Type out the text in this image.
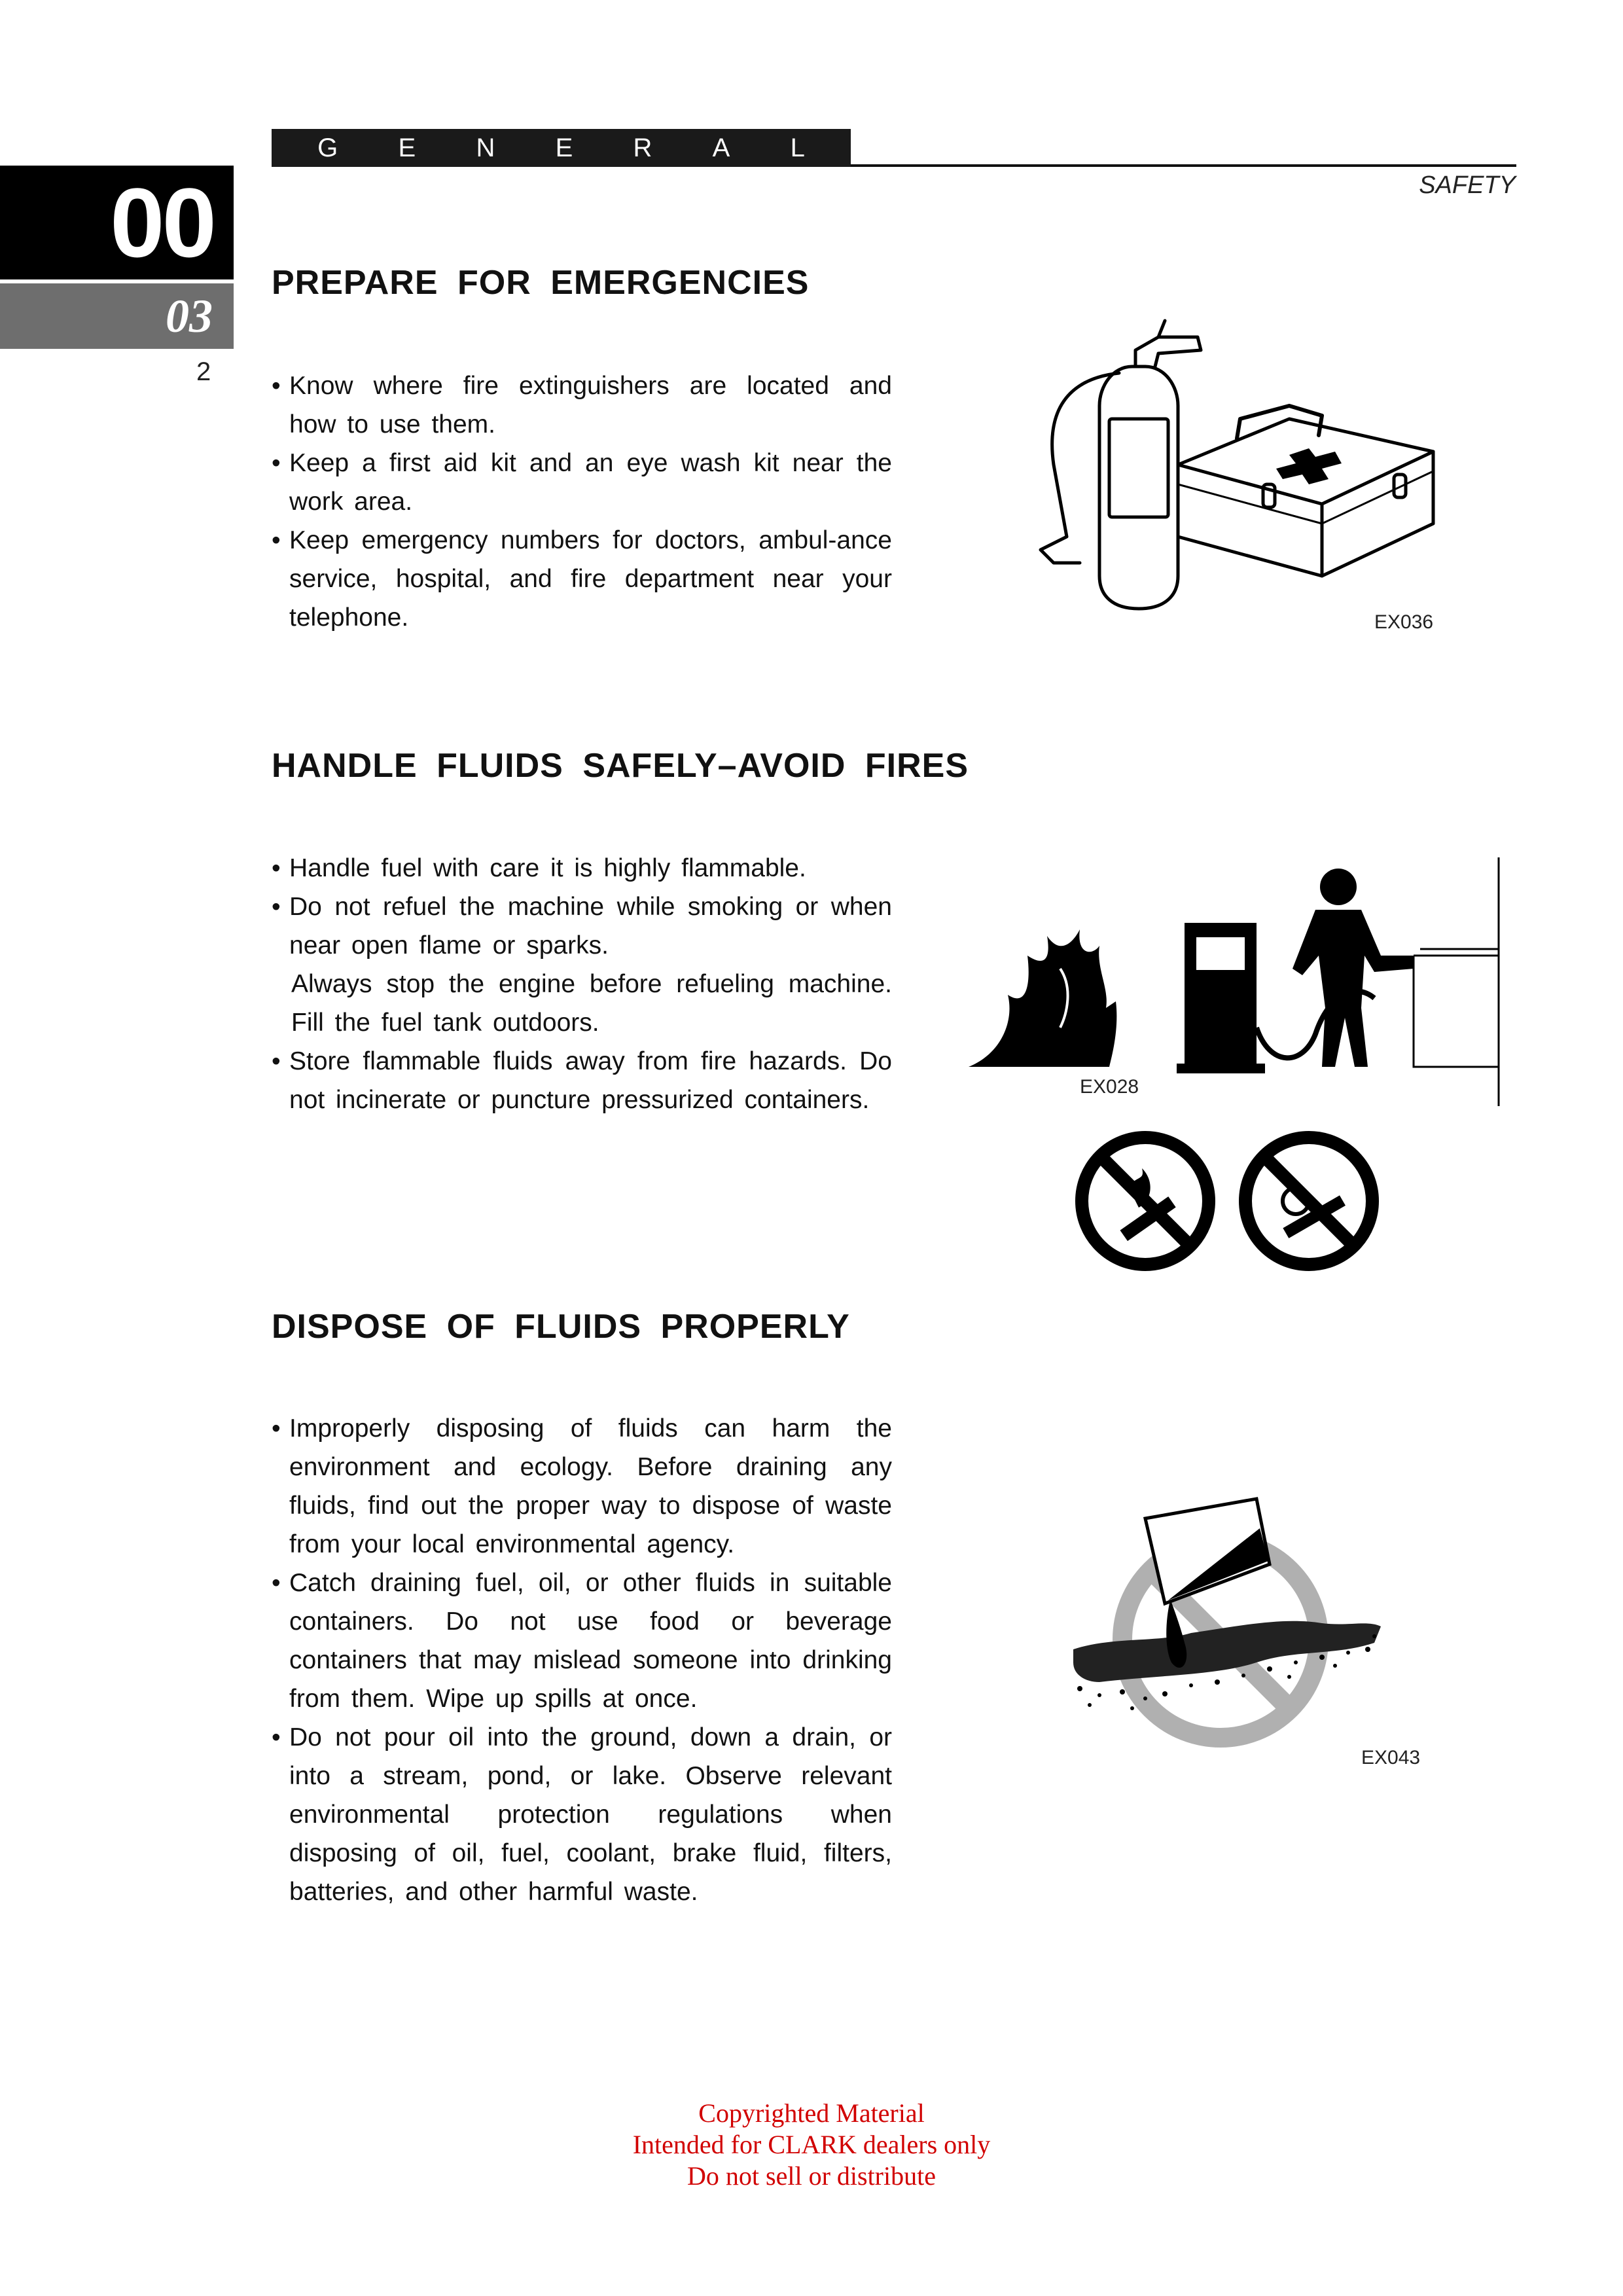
G E N E R A L
SAFETY
00
03
2
PREPARE FOR EMERGENCIES
• Know where fire extinguishers are located and how to use them.
• Keep a first aid kit and an eye wash kit near the work area.
• Keep emergency numbers for doctors, ambul-ance service, hospital, and fire department near your telephone.	EX036
HANDLE FLUIDS SAFELY–AVOID FIRES
• Handle fuel with care it is highly flammable.
• Do not refuel the machine while smoking or when near open flame or sparks.
Always stop the engine before refueling machine. Fill the fuel tank outdoors.
• Store flammable fluids away from fire hazards. Do not incinerate or puncture pressurized containers.	EX028
DISPOSE OF FLUIDS PROPERLY
• Improperly disposing of fluids can harm the environment and ecology. Before draining any fluids, find out the proper way to dispose of waste from your local environmental agency.
• Catch draining fuel, oil, or other fluids in suitable containers. Do not use food or beverage containers that may mislead someone into drinking from them. Wipe up spills at once.
• Do not pour oil into the ground, down a drain, or into a stream, pond, or lake. Observe relevant environmental protection regulations when disposing of oil, fuel, coolant, brake fluid, filters, batteries, and other harmful waste.
EX043
Copyrighted Material
Intended for CLARK dealers only
Do not sell or distribute
